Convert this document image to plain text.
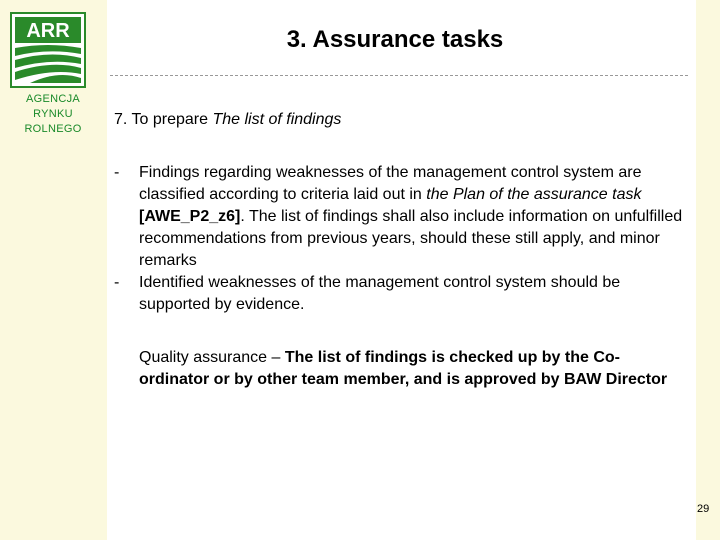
ARR
AGENCJA
RYNKU
ROLNEGO
3. Assurance tasks
7. To prepare The list of findings
- Findings regarding weaknesses of the management control system are classified according to criteria laid out in the Plan of the assurance task [AWE_P2_z6]. The list of findings shall also include information on unfulfilled recommendations from previous years, should these still apply, and minor remarks
- Identified weaknesses of the management control system should be supported by evidence.
Quality assurance – The list of findings is checked up by the Co-ordinator or by other team member, and is approved by BAW Director
29
